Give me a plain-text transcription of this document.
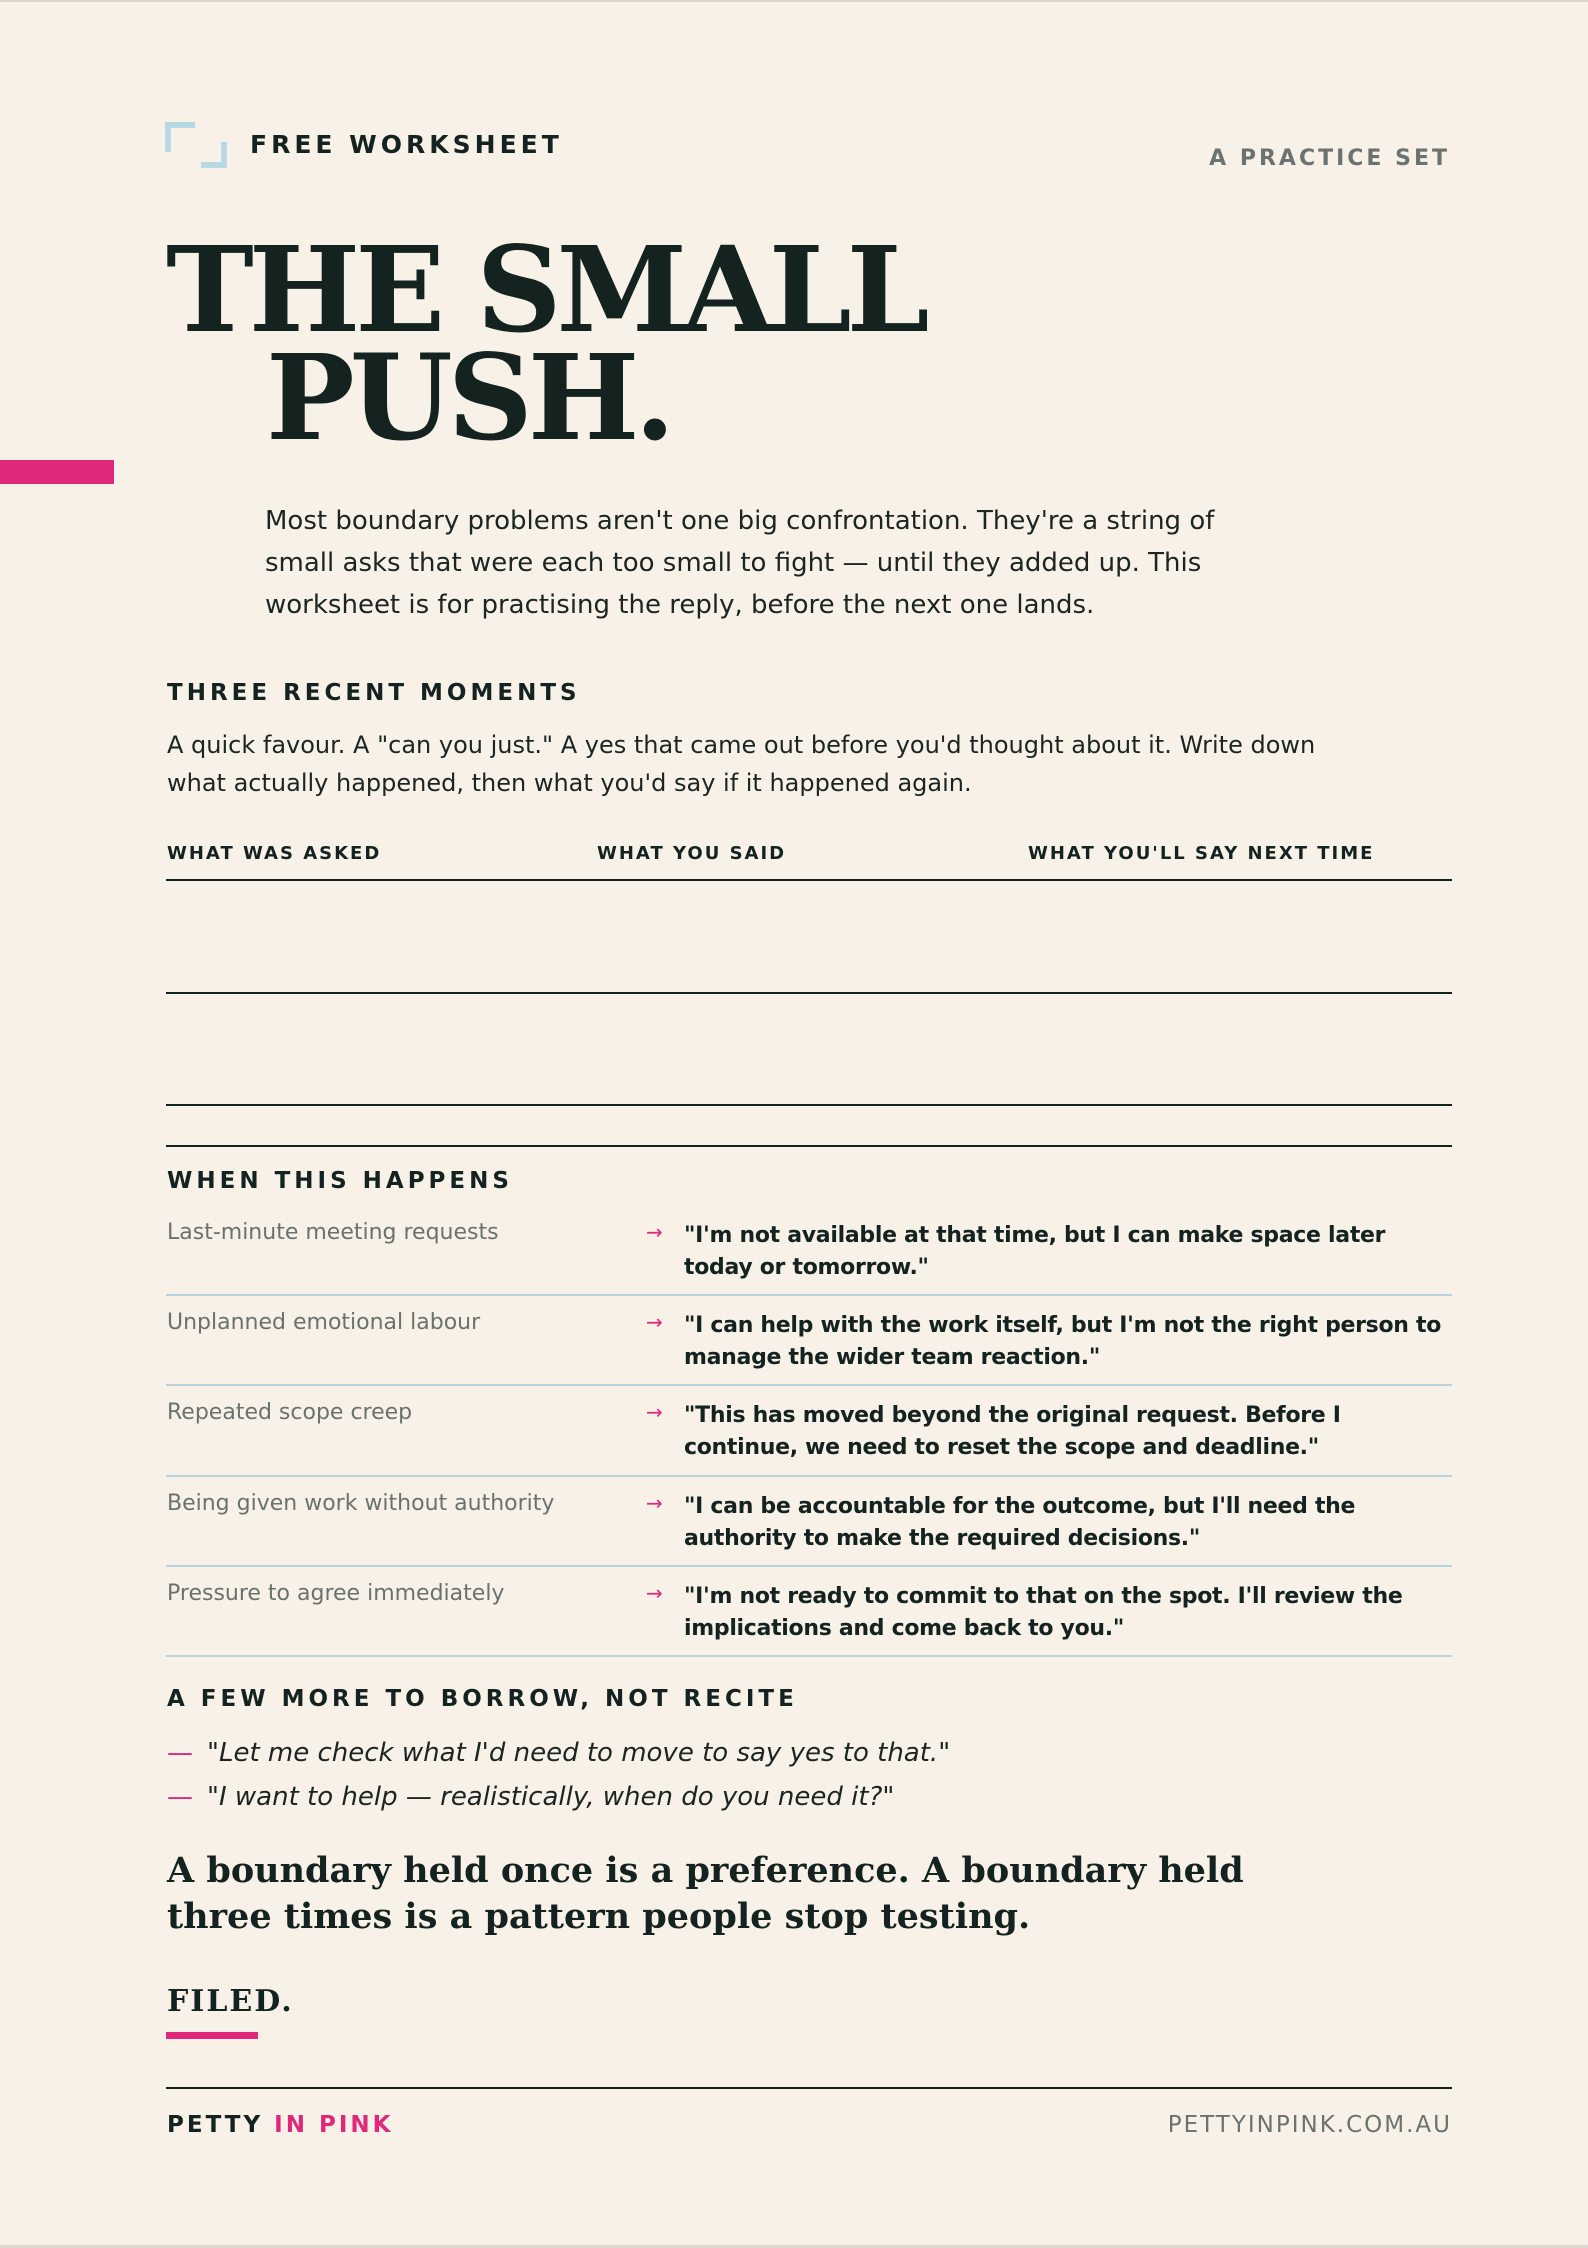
FREE WORKSHEET	A PRACTICE SET
THE SMALL
PUSH.

Most boundary problems aren't one big confrontation. They're a string of small asks that were each too small to fight — until they added up. This worksheet is for practising the reply, before the next one lands.

THREE RECENT MOMENTS

A quick favour. A "can you just." A yes that came out before you'd thought about it. Write down what actually happened, then what you'd say if it happened again.

WHAT WAS ASKED	WHAT YOU SAID	WHAT YOU'LL SAY NEXT TIME
WHEN THIS HAPPENS
Last-minute meeting requests	→ "I'm not available at that time, but I can make space later today or tomorrow."
Unplanned emotional labour	→ "I can help with the work itself, but I'm not the right person to manage the wider team reaction."
Repeated scope creep	→ "This has moved beyond the original request. Before I continue, we need to reset the scope and deadline."
Being given work without authority	→ "I can be accountable for the outcome, but I'll need the authority to make the required decisions."
Pressure to agree immediately	→ "I'm not ready to commit to that on the spot. I'll review the implications and come back to you."
A FEW MORE TO BORROW, NOT RECITE
— "Let me check what I'd need to move to say yes to that."
— "I want to help — realistically, when do you need it?"

A boundary held once is a preference. A boundary held three times is a pattern people stop testing.

FILED.
PETTY IN PINK	PETTYINPINK.COM.AU
